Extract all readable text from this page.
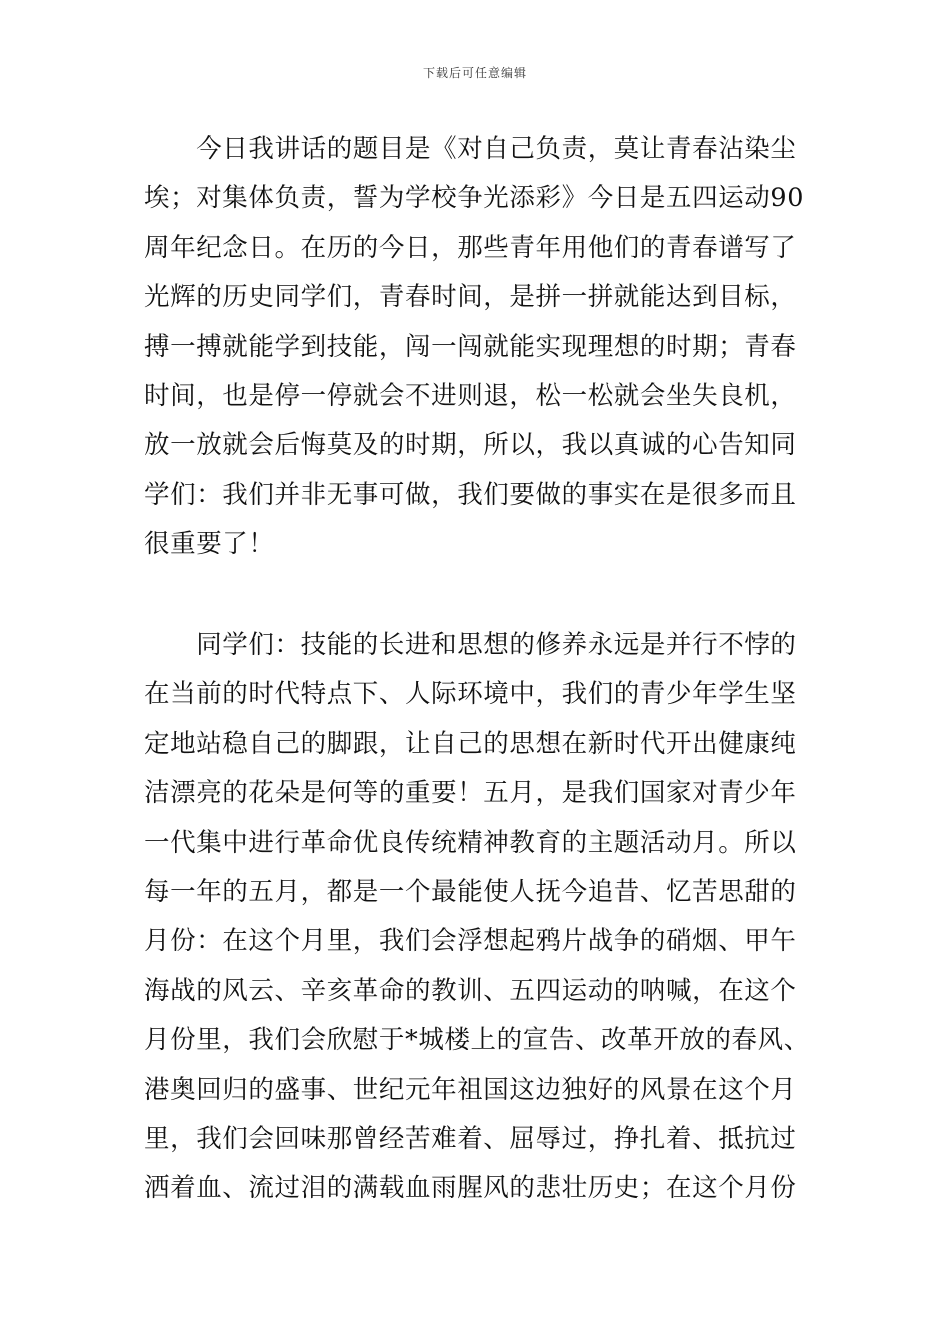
下载后可任意编辑
　　今日我讲话的题目是《对自己负责，莫让青春沾染尘
埃；对集体负责，誓为学校争光添彩》今日是五四运动90
周年纪念日。在历的今日，那些青年用他们的青春谱写了
光辉的历史同学们，青春时间，是拼一拼就能达到目标，
搏一搏就能学到技能，闯一闯就能实现理想的时期；青春
时间，也是停一停就会不进则退，松一松就会坐失良机，
放一放就会后悔莫及的时期，所以，我以真诚的心告知同
学们：我们并非无事可做，我们要做的事实在是很多而且
很重要了！
　　同学们：技能的长进和思想的修养永远是并行不悖的
在当前的时代特点下、人际环境中，我们的青少年学生坚
定地站稳自己的脚跟，让自己的思想在新时代开出健康纯
洁漂亮的花朵是何等的重要！五月，是我们国家对青少年
一代集中进行革命优良传统精神教育的主题活动月。所以
每一年的五月，都是一个最能使人抚今追昔、忆苦思甜的
月份：在这个月里，我们会浮想起鸦片战争的硝烟、甲午
海战的风云、辛亥革命的教训、五四运动的呐喊，在这个
月份里，我们会欣慰于*城楼上的宣告、改革开放的春风、
港奥回归的盛事、世纪元年祖国这边独好的风景在这个月
里，我们会回味那曾经苦难着、屈辱过，挣扎着、抵抗过
洒着血、流过泪的满载血雨腥风的悲壮历史；在这个月份
